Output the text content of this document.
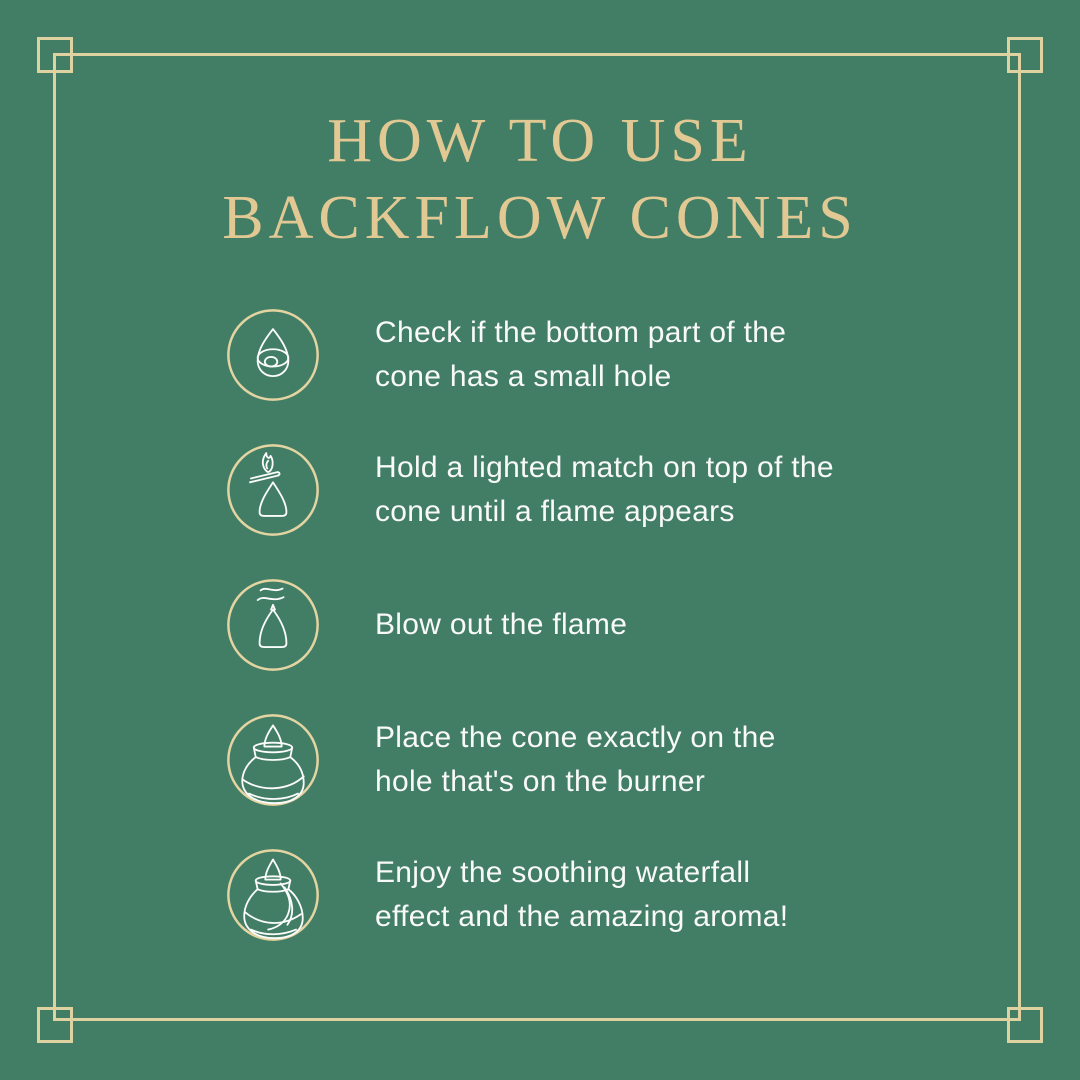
HOW TO USE
BACKFLOW CONES
Check if the bottom part of the
cone has a small hole
Hold a lighted match on top of the
cone until a flame appears
Blow out the flame
Place the cone exactly on the
hole that's on the burner
Enjoy the soothing waterfall
effect and the amazing aroma!
